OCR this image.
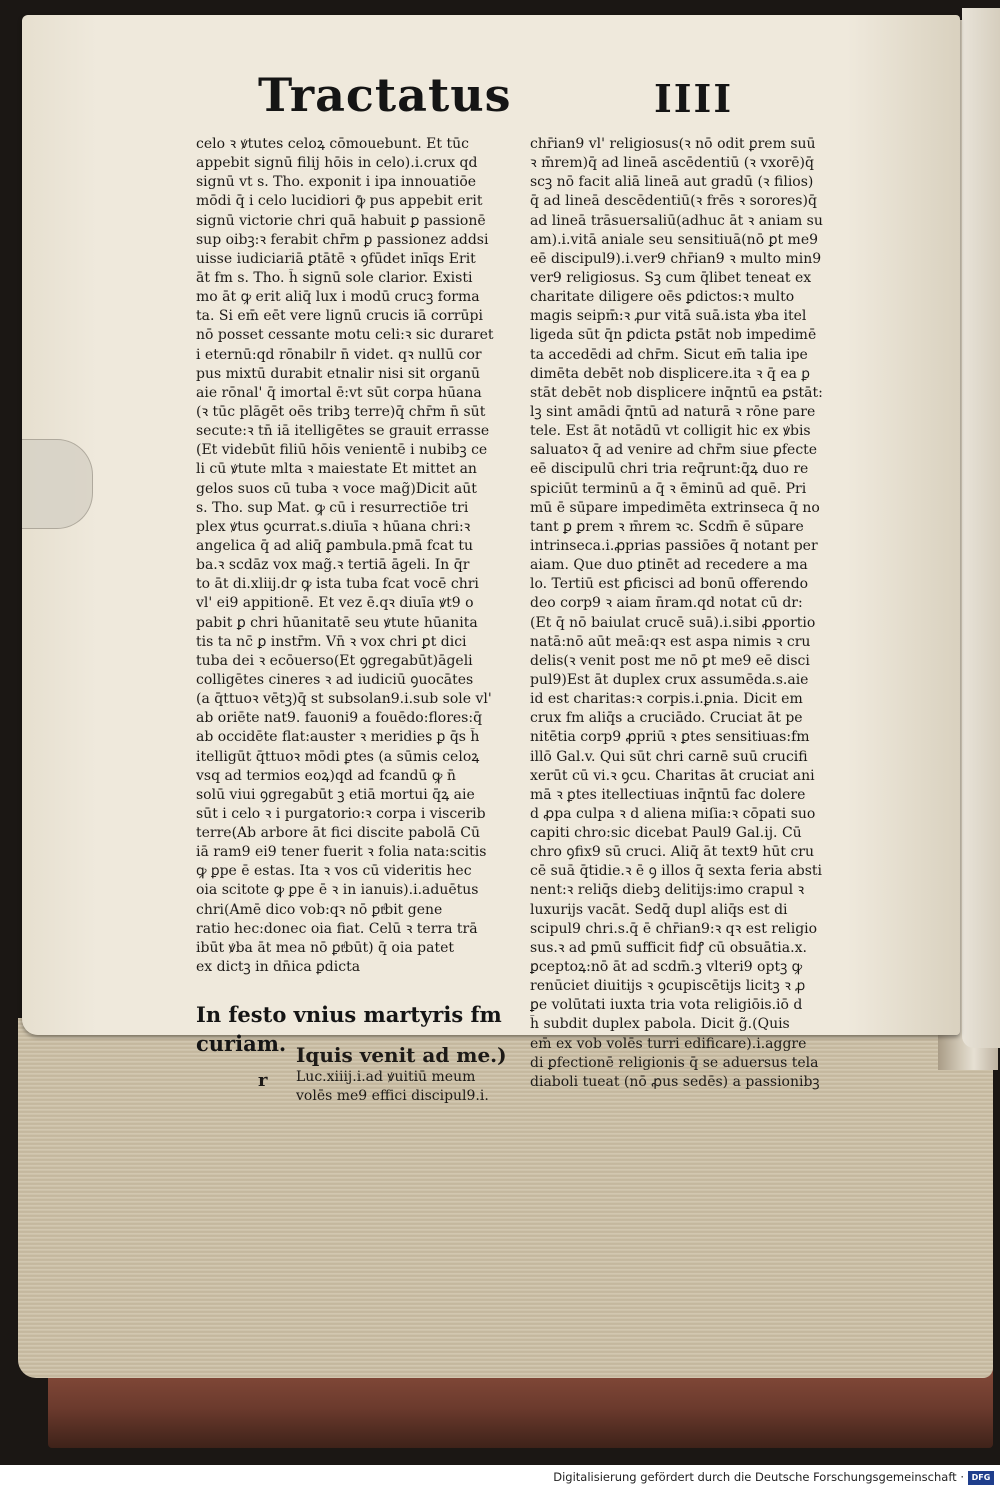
Tractatus	IIII
celo ꝛ ꝟtutes celoꝝ cōmouebunt. Et tūc
appebit signū filij hōis in celo).i.crux qd
signū vt s. Tho. exponit i ipa innouatiōe
mōdi q̄ i celo lucidiori ꝙ̄ pus appebit erit
signū victorie chri quā habuit ꝑ passionē
sup oibꝫ:ꝛ ferabit chr̄m ꝑ passionez addsi
uisse iudiciariā ꝑtātē ꝛ ꝯfūdet inīqs Erit
āt fm s. Tho. h̄ signū sole clarior. Existi
mo āt ꝙ erit aliq̄ lux i modū crucꝫ forma
ta. Si em̄ eēt vere lignū crucis iā corrūpi
nō posset cessante motu celi:ꝛ sic duraret
i eternū:qd rōnabilr n̄ videt. qꝛ nullū cor
pus mixtū durabit etnalir nisi sit organū
aie rōnal' q̄ imortal ē:vt sūt corpa hūana
(ꝛ tūc plāgēt oēs tribꝫ terre)q̄ chr̄m n̄ sūt
secute:ꝛ tn̄ iā itelligētes se grauit errasse
(Et videbūt filiū hōis venientē i nubibꝫ ce
li cū ꝟtute mlta ꝛ maiestate Et mittet an
gelos suos cū tuba ꝛ voce mag̃)Dicit aūt
s. Tho. sup Mat. ꝙ cū i resurrectiōe tri
plex ꝟtus ꝯcurrat.s.diuīa ꝛ hūana chri:ꝛ
angelica q̄ ad aliq̄ ꝑambula.pmā fcat tu
ba.ꝛ scdāz vox mag̃.ꝛ tertiā āgeli. In q̄r
to āt di.xliij.dr ꝙ ista tuba fcat vocē chri
vl' ei9 appitionē. Et vez ē.qꝛ diuīa ꝟt9 o
pabit ꝑ chri hūanitatē seu ꝟtute hūanita
tis ta nc̄ ꝑ instr̄m. Vn̄ ꝛ vox chri ꝑt dici
tuba dei ꝛ ecōuerso(Et ꝯgregabūt)āgeli
colligētes cineres ꝛ ad iudiciū ꝯuocātes
(a q̄ttuoꝛ vētꝫ)q̄ st subsolan9.i.sub sole vl'
ab oriēte nat9. fauoni9 a fouēdo:flores:q̄
ab occidēte flat:auster ꝛ meridies ꝑ q̄s h̄
itelligūt q̄ttuoꝛ mōdi ꝑtes (a sūmis celoꝝ
vsq ad termios eoꝝ)qd ad fcandū ꝙ n̄
solū viui ꝯgregabūt ꝫ etiā mortui q̄ꝝ aie
sūt i celo ꝛ i purgatorio:ꝛ corpa i viscerib
terre(Ab arbore āt fici discite pabolā Cū
iā ram9 ei9 tener fuerit ꝛ folia nata:scitis
ꝙ ꝑpe ē estas. Ita ꝛ vos cū videritis hec
oia scitote ꝙ ꝑpe ē ꝛ in ianuis).i.aduētus
chri(Amē dico vob:qꝛ nō ꝑtͥbit gene
ratio hec:donec oia fiat. Celū ꝛ terra trā
ibūt ꝟba āt mea nō ꝑtͥbūt) q̄ oia patet
ex dictꝫ in dn̄ica ꝑdicta
chr̄ian9 vl' religiosus(ꝛ nō odit ꝑrem suū
ꝛ m̄rem)q̄ ad lineā ascēdentiū (ꝛ vxorē)q̄
scꝫ nō facit aliā lineā aut gradū (ꝛ filios)
q̄ ad lineā descēdentiū(ꝛ frēs ꝛ sorores)q̄
ad lineā trāsuersaliū(adhuc āt ꝛ aniam su
am).i.vitā aniale seu sensitiuā(nō ꝑt me9
eē discipul9).i.ver9 chr̄ian9 ꝛ multo min9
ver9 religiosus. Sꝫ cum q̄libet teneat ex
charitate diligere oēs ꝑdictos:ꝛ multo
magis seipm̄:ꝛ ꝓur vitā suā.ista ꝟba itel
ligeda sūt q̄n ꝑdicta ꝑstāt nob impedimē
ta accedēdi ad chr̄m. Sicut em̄ talia ipe
dimēta debēt nob displicere.ita ꝛ q̄ ea ꝑ
stāt debēt nob displicere inq̄ntū ea ꝑstāt:
lꝫ sint amādi q̄ntū ad naturā ꝛ rōne pare
tele. Est āt notādū vt colligit hic ex ꝟbis
saluatoꝛ q̄ ad venire ad chr̄m siue ꝑfecte
eē discipulū chri tria req̄runt:q̄ꝝ duo re
spiciūt terminū a q̄ ꝛ ēminū ad quē. Pri
mū ē sūpare impedimēta extrinseca q̄ no
tant ꝑ ꝑrem ꝛ m̄rem ꝛc. Scdm̄ ē sūpare
intrinseca.i.ꝓprias passiōes q̄ notant per
aiam. Que duo ꝑtinēt ad recedere a ma
lo. Tertiū est ꝑficisci ad bonū offerendo
deo corp9 ꝛ aiam n̄ram.qd notat cū dr:
(Et q̄ nō baiulat crucē suā).i.sibi ꝓportio
natā:nō aūt meā:qꝛ est aspa nimis ꝛ cru
delis(ꝛ venit post me nō ꝑt me9 eē disci
pul9)Est āt duplex crux assumēda.s.aie
id est charitas:ꝛ corpis.i.ꝑnia. Dicit em
crux fm aliq̄s a cruciādo. Cruciat āt pe
nitētia corp9 ꝓpriū ꝛ ꝑtes sensitiuas:fm
illō Gal.v. Qui sūt chri carnē suū crucifi
xerūt cū vi.ꝛ ꝯcu. Charitas āt cruciat ani
mā ꝛ ꝑtes itellectiuas inq̄ntū fac dolere
d ꝓpa culpa ꝛ d aliena miſia:ꝛ cōpati suo
capiti chro:sic dicebat Paul9 Gal.ij. Cū
chro ꝯfix9 sū cruci. Aliq̄ āt text9 hūt cru
cē suā q̄tidie.ꝛ ē ꝯ illos q̄ sexta feria absti
nent:ꝛ reliq̄s diebꝫ delitijs:imo crapul ꝛ
luxurijs vacāt. Sedq̄ dupl aliq̄s est di
scipul9 chri.s.q̄ ē chr̄ian9:ꝛ qꝛ est religio
sus.ꝛ ad ꝑmū sufficit fidꝭ cū obsuātia.x.
ꝑceptoꝝ:nō āt ad scdm̄.ꝫ vlteri9 optꝫ ꝙ
renūciet diuitijs ꝛ ꝯcupiscētijs licitꝫ ꝛ ꝓ
ꝑe volūtati iuxta tria vota religiōis.iō d
h̄ subdit duplex pabola. Dicit g̃.(Quis
em̄ ex vob volēs turri edificare).i.aggre
di ꝑfectionē religionis q̄ se aduersus tela
diaboli tueat (nō ꝓus sedēs) a passionibꝫ
In festo vnius martyris fm
curiam.
r
Iquis venit ad me.)
Luc.xiiij.i.ad ꝟuitiū meum
volēs me9 effici discipul9.i.
Digitalisierung gefördert durch die Deutsche Forschungsgemeinschaft · DFG
